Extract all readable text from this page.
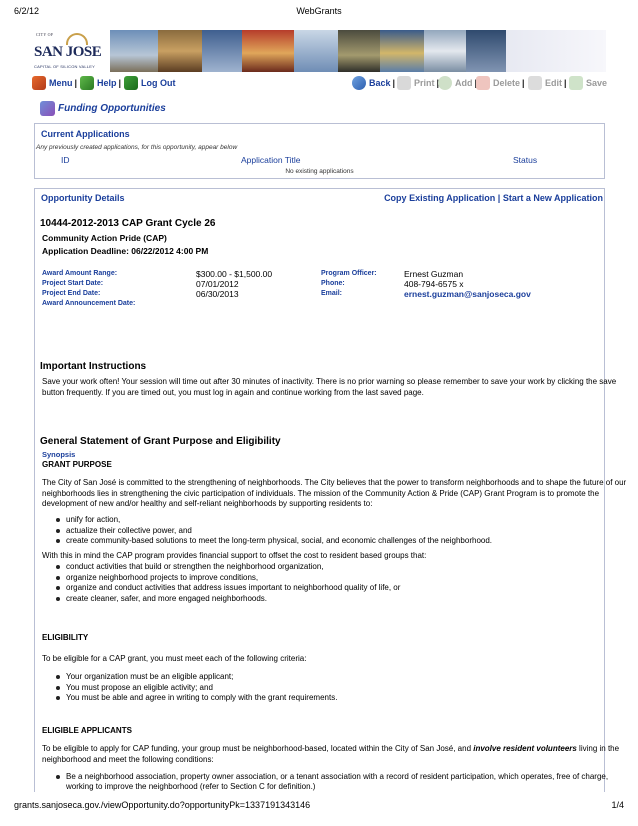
6/2/12	WebGrants
CITY OF
SAN JOSE
CAPITAL OF SILICON VALLEY
Menu | Help | Log Out	Back | Print Add Delete | Edit | Save
Funding Opportunities
Current Applications
Any previously created applications, for this opportunity, appear below
ID	Application Title	Status
No existing applications
Opportunity Details	Copy Existing Application | Start a New Application
10444-2012-2013 CAP Grant Cycle 26
Community Action Pride (CAP)
Application Deadline: 06/22/2012 4:00 PM
Award Amount Range:	$300.00 - $1,500.00
Project Start Date:	07/01/2012
Project End Date:	06/30/2013
Award Announcement Date:
Program Officer:	Ernest Guzman
Phone:	408-794-6575 x
Email:	ernest.guzman@sanjoseca.gov
Important Instructions
Save your work often! Your session will time out after 30 minutes of inactivity. There is no prior warning so please remember to save your work by clicking the save
button frequently. If you are timed out, you must log in again and continue working from the last saved page.
General Statement of Grant Purpose and Eligibility
Synopsis
GRANT PURPOSE
The City of San José is committed to the strengthening of neighborhoods. The City believes that the power to transform neighborhoods and to shape the future of our
neighborhoods lies in strengthening the civic participation of individuals. The mission of the Community Action & Pride (CAP) Grant Program is to promote the
development of new and/or healthy and self-reliant neighborhoods by supporting residents to:
unify for action,
actualize their collective power, and
create community-based solutions to meet the long-term physical, social, and economic challenges of the neighborhood.
With this in mind the CAP program provides financial support to offset the cost to resident based groups that:
conduct activities that build or strengthen the neighborhood organization,
organize neighborhood projects to improve conditions,
organize and conduct activities that address issues important to neighborhood quality of life, or
create cleaner, safer, and more engaged neighborhoods.
ELIGIBILITY
To be eligible for a CAP grant, you must meet each of the following criteria:
Your organization must be an eligible applicant;
You must propose an eligible activity; and
You must be able and agree in writing to comply with the grant requirements.
ELIGIBLE APPLICANTS
To be eligible to apply for CAP funding, your group must be neighborhood-based, located within the City of San José, and involve resident volunteers living in the
neighborhood and meet the following conditions:
Be a neighborhood association, property owner association, or a tenant association with a record of resident participation, which operates, free of charge,
working to improve the neighborhood (refer to Section C for definition.)
grants.sanjoseca.gov./viewOpportunity.do?opportunityPk=1337191343146	1/4
